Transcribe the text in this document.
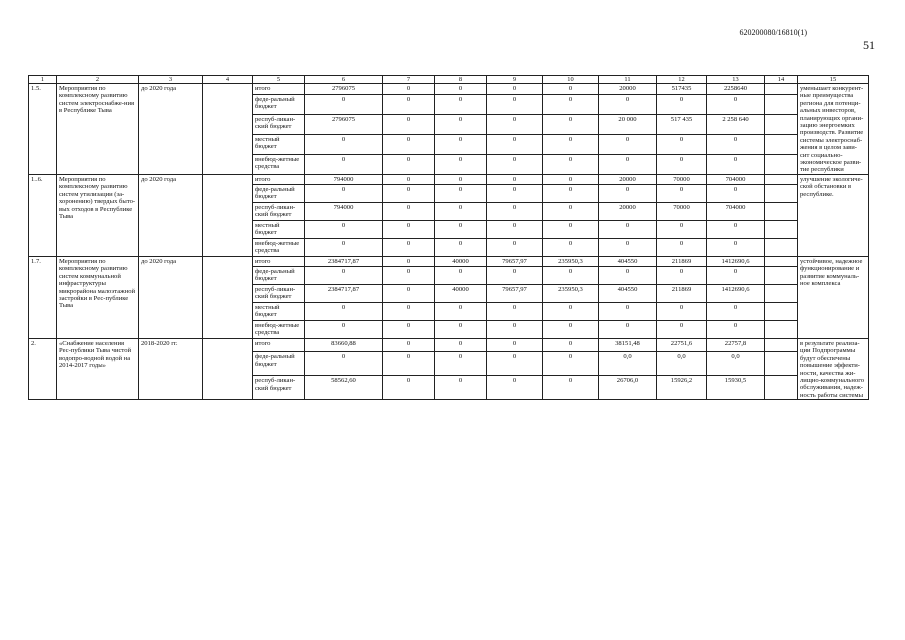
620200080/16810(1)
51
1	2	3	4	5	6	7	8	9	10	11	12	13	14	15
1.5.	Мероприятия по комплексному развитию систем электроснабже-ния в Республике Тыва	до 2020 года		итого	2796075	0	0	0	0	20000	517435	2258640		уменьшает конкурент-ные преимущества региона для потенци-альных инвесторов, планирующих органи-зацию энергоемких производств. Развитие системы электроснаб-жения в целом зави-сит социально-экономическое разви-тие республики
				феде-ральный бюджет	0	0	0	0	0	0	0	0		
				респуб-ликан-ский бюджет	2796075	0	0	0	0	20 000	517 435	2 258 640		
				местный бюджет	0	0	0	0	0	0	0	0		
				внебюд-жетные средства	0	0	0	0	0	0	0	0		
1..6.	Мероприятия по комплексному развитию систем утилизации (за-хоронению) твердых быто-вых отходов в Республике Тыва	до 2020 года		итого	794000	0	0	0	0	20000	70000	704000		улучшение экологиче-ской обстановки в республике.
				феде-ральный бюджет	0	0	0	0	0	0	0	0		
				респуб-ликан-ский бюджет	794000	0	0	0	0	20000	70000	704000		
				местный бюджет	0	0	0	0	0	0	0	0		
				внебюд-жетные средства	0	0	0	0	0	0	0	0		
1.7.	Мероприятия по комплексному развитию систем коммунальной инфраструктуры микрорайона малоэтажной застройки в Рес-публике Тыва	до 2020 года		итого	2384717,87	0	40000	79657,97	235950,3	404550	211869	1412690,6		устойчивое, надежное функционирование и развитие коммуналь-ное комплекса
				феде-ральный бюджет	0	0	0	0	0	0	0	0		
				респуб-ликан-ский бюджет	2384717,87	0	40000	79657,97	235950,3	404550	211869	1412690,6		
				местный бюджет	0	0	0	0	0	0	0	0		
				внебюд-жетные средства	0	0	0	0	0	0	0	0		
2.	«Снабжение населения Рес-публики Тыва чистой водопро-водной водой на 2014-2017 годы»	2018-2020 гг.		итого	83660,88	0	0	0	0	38151,48	22751,6	22757,8		в результате реализа-ции Подпрограммы будут обеспечены повышение эффекти-ности, качества жи-лищно-коммунального обслуживания, надеж-ность работы системы
				феде-ральный бюджет	0	0	0	0	0	0,0	0,0	0,0		
				респуб-ликан-ский бюджет	58562,60	0	0	0	0	26706,0	15926,2	15930,5		
